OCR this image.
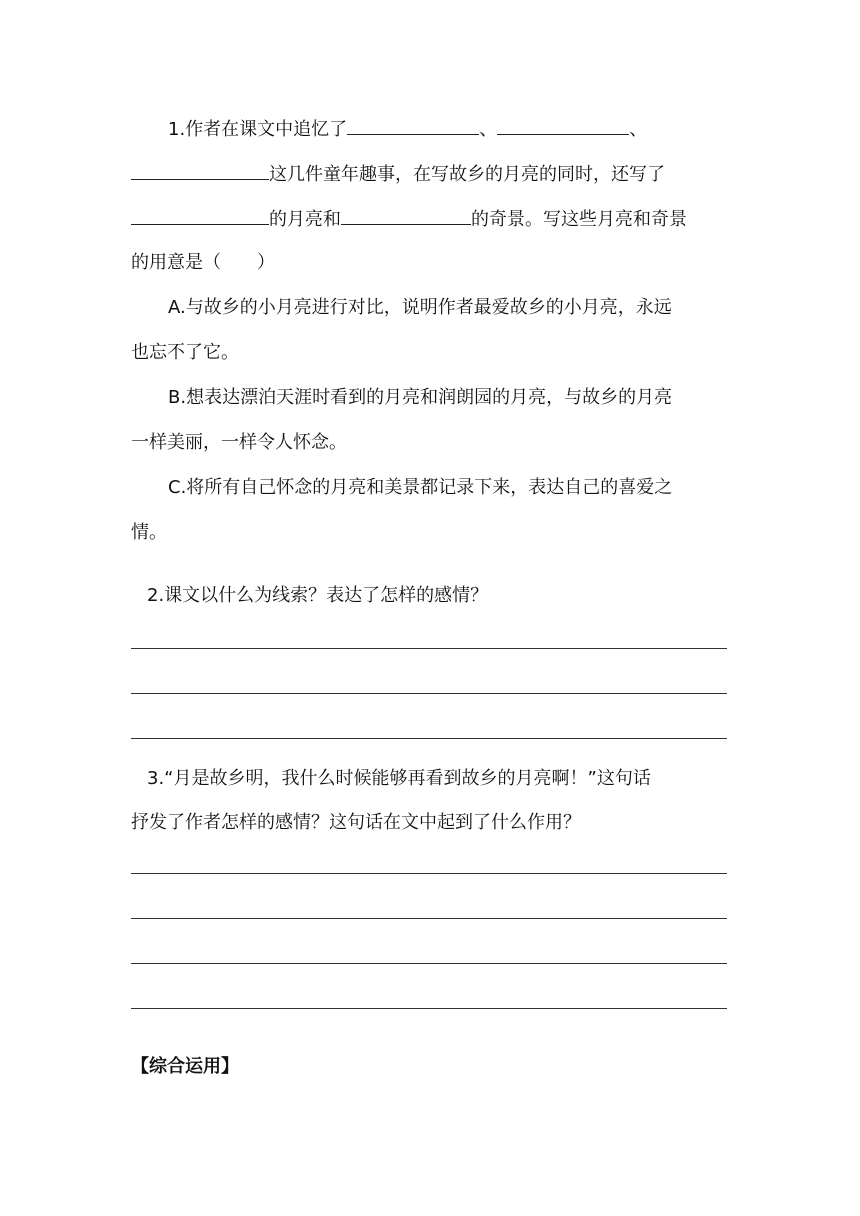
1.作者在课文中追忆了	、	、
这几件童年趣事，在写故乡的月亮的同时，还写了
的月亮和	的奇景。写这些月亮和奇景
的用意是（　　）
A.与故乡的小月亮进行对比，说明作者最爱故乡的小月亮，永远
也忘不了它。
B.想表达漂泊天涯时看到的月亮和润朗园的月亮，与故乡的月亮
一样美丽，一样令人怀念。
C.将所有自己怀念的月亮和美景都记录下来，表达自己的喜爱之
情。
2.课文以什么为线索？表达了怎样的感情？
3.“月是故乡明，我什么时候能够再看到故乡的月亮啊！”这句话
抒发了作者怎样的感情？这句话在文中起到了什么作用？
【综合运用】
